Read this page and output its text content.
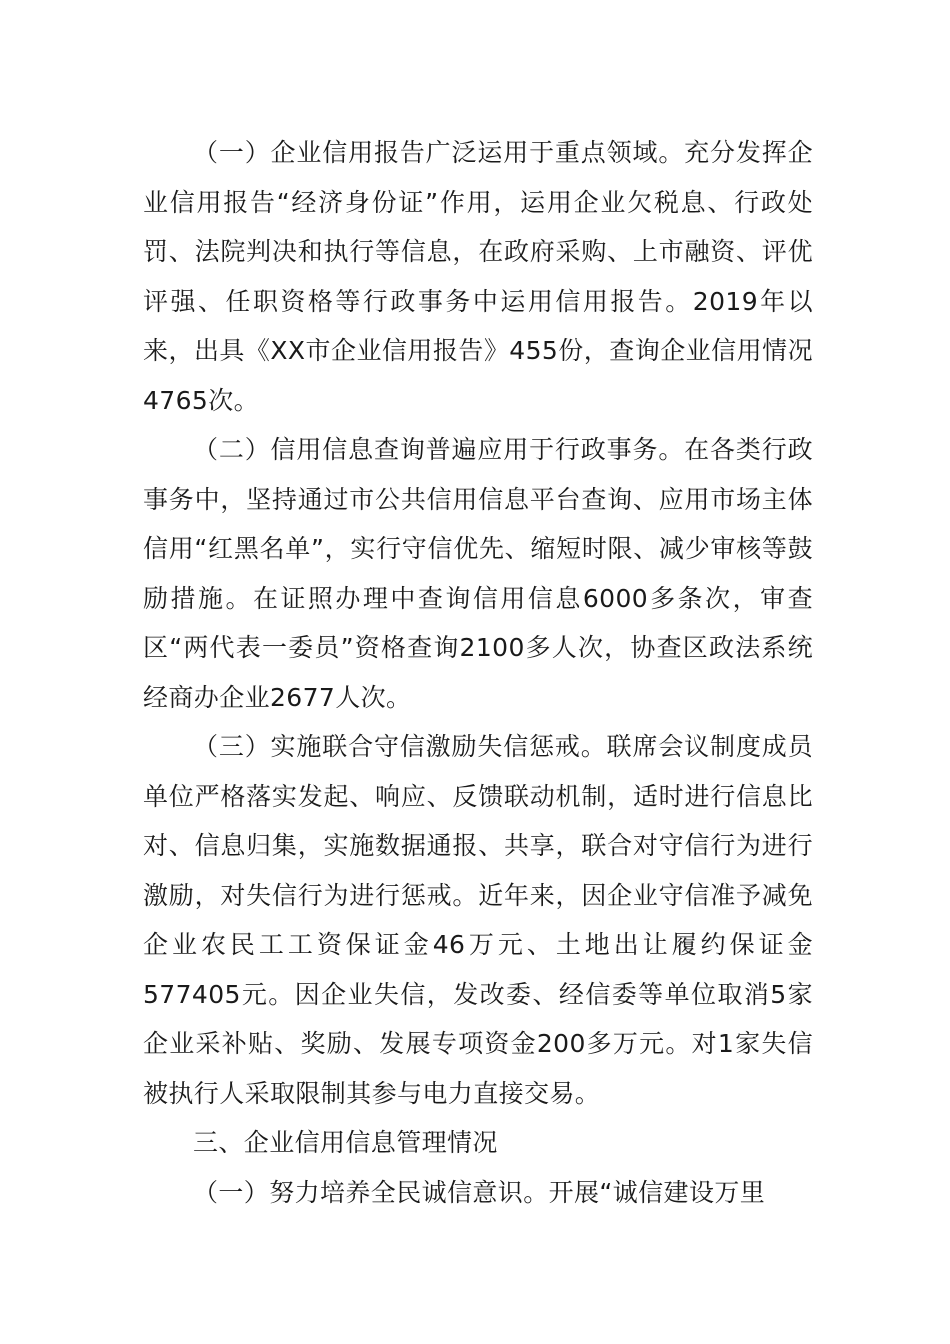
（一）企业信用报告广泛运用于重点领域。充分发挥企业信用报告“经济身份证”作用，运用企业欠税息、行政处罚、法院判决和执行等信息，在政府采购、上市融资、评优评强、任职资格等行政事务中运用信用报告。2019年以来，出具《XX市企业信用报告》455份，查询企业信用情况4765次。

（二）信用信息查询普遍应用于行政事务。在各类行政事务中，坚持通过市公共信用信息平台查询、应用市场主体信用“红黑名单”，实行守信优先、缩短时限、减少审核等鼓励措施。在证照办理中查询信用信息6000多条次，审查区“两代表一委员”资格查询2100多人次，协查区政法系统经商办企业2677人次。

（三）实施联合守信激励失信惩戒。联席会议制度成员单位严格落实发起、响应、反馈联动机制，适时进行信息比对、信息归集，实施数据通报、共享，联合对守信行为进行激励，对失信行为进行惩戒。近年来，因企业守信准予减免企业农民工工资保证金46万元、土地出让履约保证金577405元。因企业失信，发改委、经信委等单位取消5家企业采补贴、奖励、发展专项资金200多万元。对1家失信被执行人采取限制其参与电力直接交易。

三、企业信用信息管理情况

（一）努力培养全民诚信意识。开展“诚信建设万里
